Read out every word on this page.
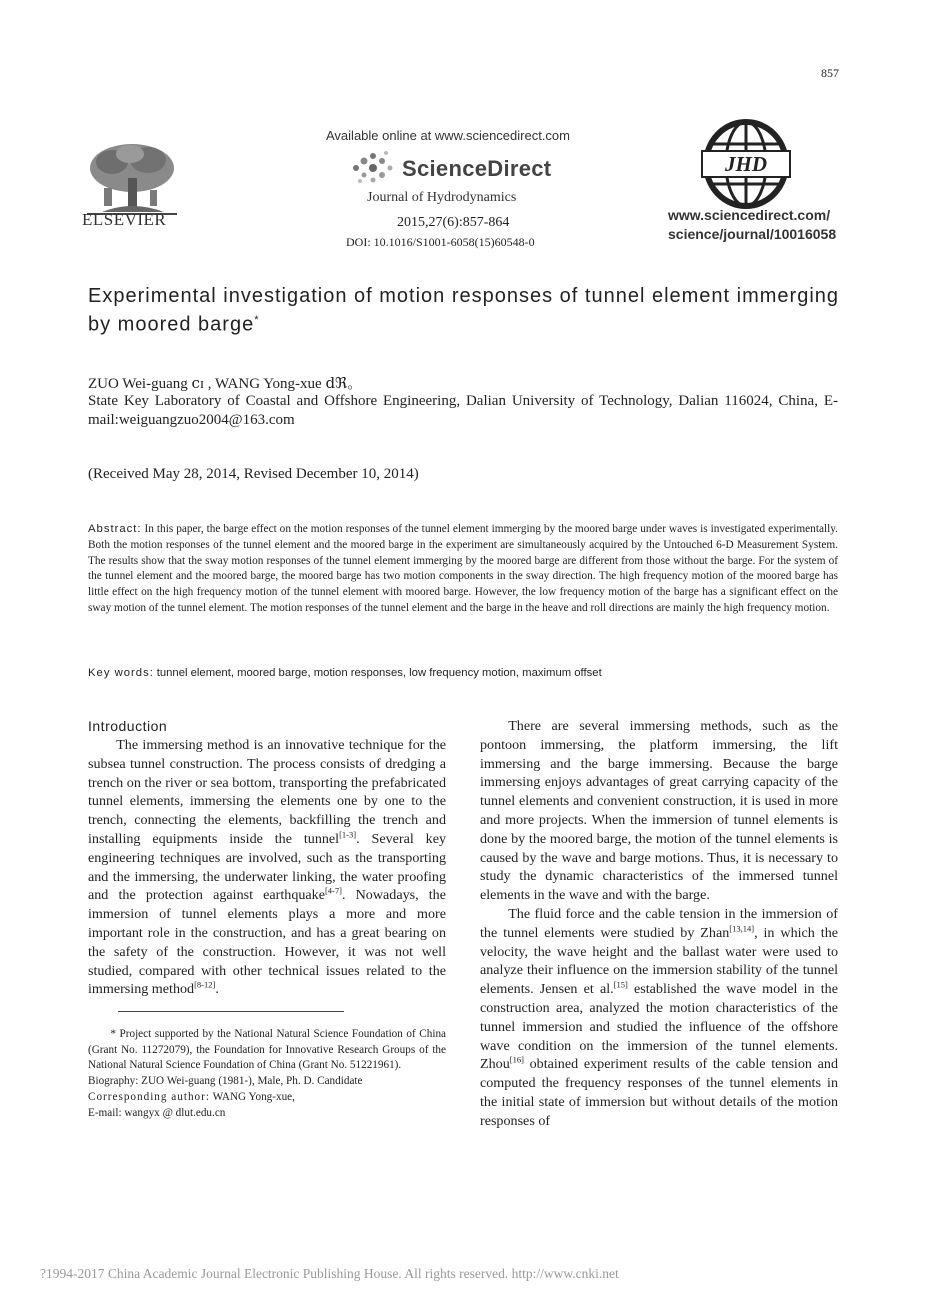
857
ELSEVIER
Available online at www.sciencedirect.com
ScienceDirect
Journal of Hydrodynamics
2015,27(6):857-864
DOI: 10.1016/S1001-6058(15)60548-0
JHD
www.sciencedirect.com/
science/journal/10016058
Experimental investigation of motion responses of tunnel element immerging by moored barge*
ZUO Wei-guang ⅽɪ , WANG Yong-xue ⅾℜ。
State Key Laboratory of Coastal and Offshore Engineering, Dalian University of Technology, Dalian 116024, China, E-mail:weiguangzuo2004@163.com
(Received May 28, 2014, Revised December 10, 2014)
Abstract: In this paper, the barge effect on the motion responses of the tunnel element immerging by the moored barge under waves is investigated experimentally. Both the motion responses of the tunnel element and the moored barge in the experiment are simultaneously acquired by the Untouched 6-D Measurement System. The results show that the sway motion responses of the tunnel element immerging by the moored barge are different from those without the barge. For the system of the tunnel element and the moored barge, the moored barge has two motion components in the sway direction. The high frequency motion of the moored barge has little effect on the high frequency motion of the tunnel element with moored barge. However, the low frequency motion of the barge has a significant effect on the sway motion of the tunnel element. The motion responses of the tunnel element and the barge in the heave and roll directions are mainly the high frequency motion.
Key words: tunnel element, moored barge, motion responses, low frequency motion, maximum offset
Introduction

The immersing method is an innovative technique for the subsea tunnel construction. The process consists of dredging a trench on the river or sea bottom, transporting the prefabricated tunnel elements, immersing the elements one by one to the trench, connecting the elements, backfilling the trench and installing equipments inside the tunnel[1-3]. Several key engineering techniques are involved, such as the transporting and the immersing, the underwater linking, the water proofing and the protection against earthquake[4-7]. Nowadays, the immersion of tunnel elements plays a more and more important role in the construction, and has a great bearing on the safety of the construction. However, it was not well studied, compared with other technical issues related to the immersing method[8-12].

* Project supported by the National Natural Science Foundation of China (Grant No. 11272079), the Foundation for Innovative Research Groups of the National Natural Science Foundation of China (Grant No. 51221961).
Biography: ZUO Wei-guang (1981-), Male, Ph. D. Candidate
Corresponding author: WANG Yong-xue,
E-mail: wangyx @ dlut.edu.cn

There are several immersing methods, such as the pontoon immersing, the platform immersing, the lift immersing and the barge immersing. Because the barge immersing enjoys advantages of great carrying capacity of the tunnel elements and convenient construction, it is used in more and more projects. When the immersion of tunnel elements is done by the moored barge, the motion of the tunnel elements is caused by the wave and barge motions. Thus, it is necessary to study the dynamic characteristics of the immersed tunnel elements in the wave and with the barge.

The fluid force and the cable tension in the immersion of the tunnel elements were studied by Zhan[13,14], in which the velocity, the wave height and the ballast water were used to analyze their influence on the immersion stability of the tunnel elements. Jensen et al.[15] established the wave model in the construction area, analyzed the motion characteristics of the tunnel immersion and studied the influence of the offshore wave condition on the immersion of the tunnel elements. Zhou[16] obtained experiment results of the cable tension and computed the frequency responses of the tunnel elements in the initial state of immersion but without details of the motion responses of

?1994-2017 China Academic Journal Electronic Publishing House. All rights reserved. http://www.cnki.net
